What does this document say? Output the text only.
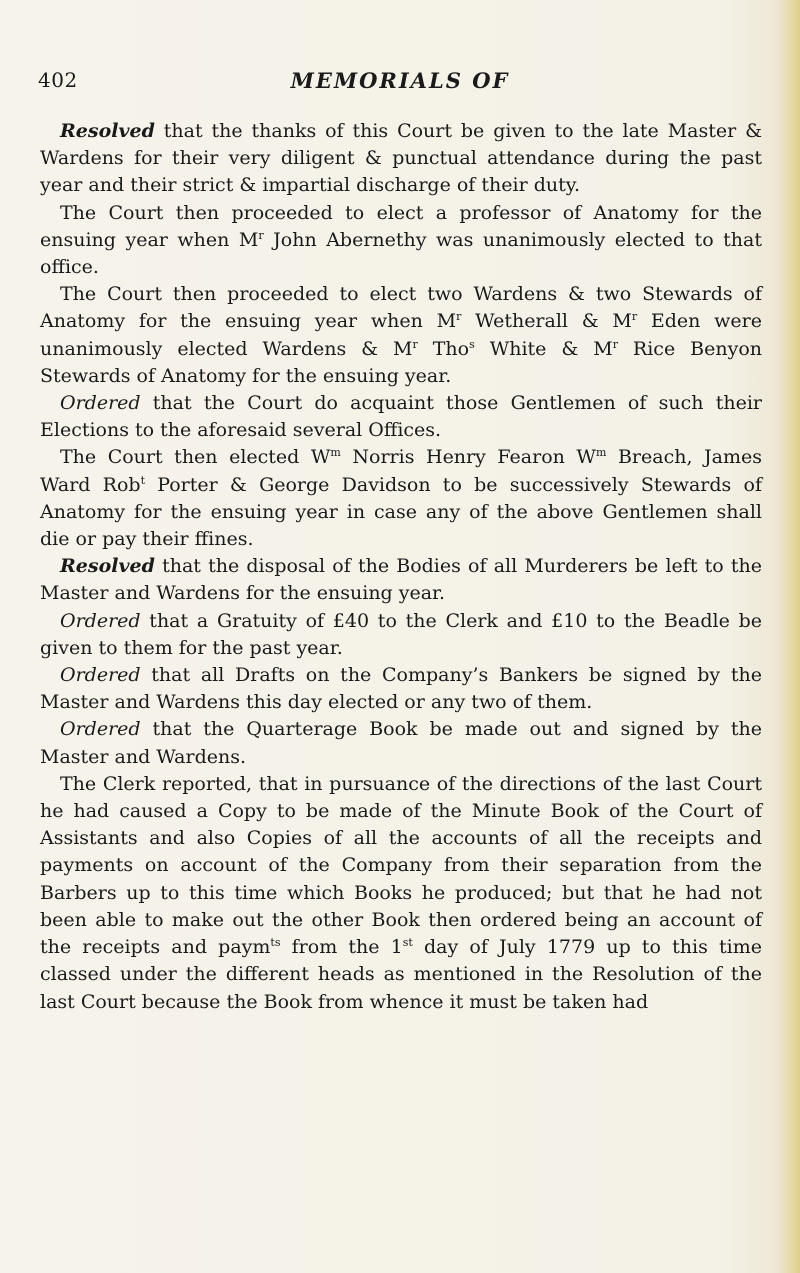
402	MEMORIALS OF

Resolved that the thanks of this Court be given to the late Master & Wardens for their very diligent & punctual attendance during the past year and their strict & impartial discharge of their duty.

The Court then proceeded to elect a professor of Anatomy for the ensuing year when $M^r$ John Abernethy was unanimously elected to that office.

The Court then proceeded to elect two Wardens & two Stewards of Anatomy for the ensuing year when $M^r$ Wetherall & $M^r$ Eden were unanimously elected Wardens & $M^r$ Tho$^s$ White & $M^r$ Rice Benyon Stewards of Anatomy for the ensuing year.

Ordered that the Court do acquaint those Gentlemen of such their Elections to the aforesaid several Offices.

The Court then elected $W^m$ Norris Henry Fearon $W^m$ Breach, James Ward Rob$^t$ Porter & George Davidson to be successively Stewards of Anatomy for the ensuing year in case any of the above Gentlemen shall die or pay their ffines.

Resolved that the disposal of the Bodies of all Murderers be left to the Master and Wardens for the ensuing year.

Ordered that a Gratuity of £40 to the Clerk and £10 to the Beadle be given to them for the past year.

Ordered that all Drafts on the Company’s Bankers be signed by the Master and Wardens this day elected or any two of them.

Ordered that the Quarterage Book be made out and signed by the Master and Wardens.

The Clerk reported, that in pursuance of the directions of the last Court he had caused a Copy to be made of the Minute Book of the Court of Assistants and also Copies of all the accounts of all the receipts and payments on account of the Company from their separation from the Barbers up to this time which Books he produced; but that he had not been able to make out the other Book then ordered being an account of the receipts and paym$^{ts}$ from the 1st day of July 1779 up to this time classed under the different heads as mentioned in the Resolution of the last Court because the Book from whence it must be taken had
